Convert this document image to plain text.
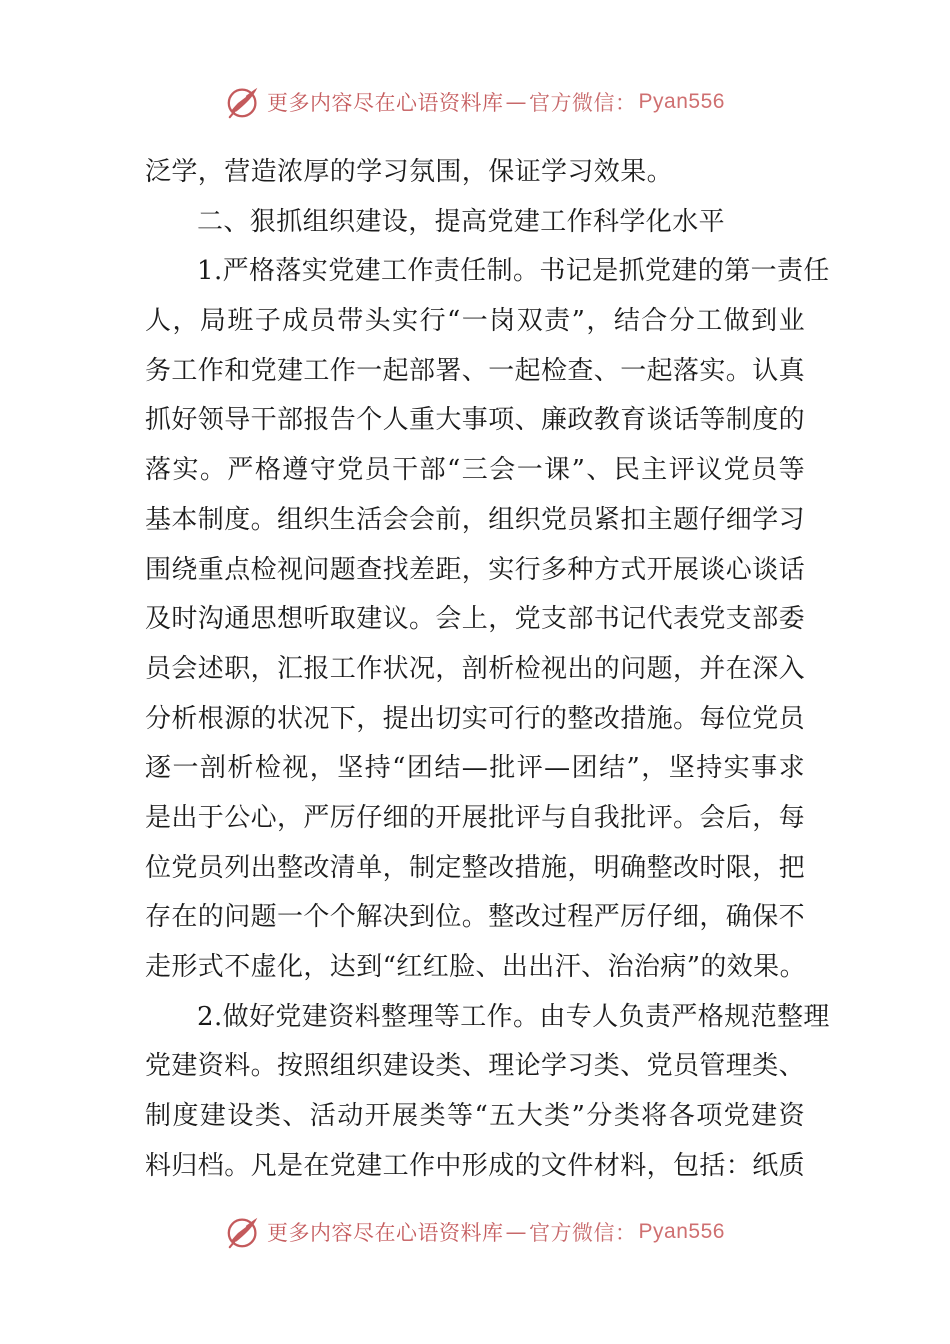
更多内容尽在心语资料库 — 官方微信： Pyan556
泛学，营造浓厚的学习氛围，保证学习效果。
二、狠抓组织建设，提高党建工作科学化水平
1.严格落实党建工作责任制。书记是抓党建的第一责任
人，局班子成员带头实行“一岗双责”，结合分工做到业
务工作和党建工作一起部署、一起检查、一起落实。认真
抓好领导干部报告个人重大事项、廉政教育谈话等制度的
落实。严格遵守党员干部“三会一课”、民主评议党员等
基本制度。组织生活会会前，组织党员紧扣主题仔细学习
围绕重点检视问题查找差距，实行多种方式开展谈心谈话
及时沟通思想听取建议。会上，党支部书记代表党支部委
员会述职，汇报工作状况，剖析检视出的问题，并在深入
分析根源的状况下，提出切实可行的整改措施。每位党员
逐一剖析检视，坚持“团结—批评—团结”，坚持实事求
是出于公心，严厉仔细的开展批评与自我批评。会后，每
位党员列出整改清单，制定整改措施，明确整改时限，把
存在的问题一个个解决到位。整改过程严厉仔细，确保不
走形式不虚化，达到“红红脸、出出汗、治治病”的效果。
2.做好党建资料整理等工作。由专人负责严格规范整理
党建资料。按照组织建设类、理论学习类、党员管理类、
制度建设类、活动开展类等“五大类”分类将各项党建资
料归档。凡是在党建工作中形成的文件材料，包括：纸质
更多内容尽在心语资料库 — 官方微信： Pyan556
